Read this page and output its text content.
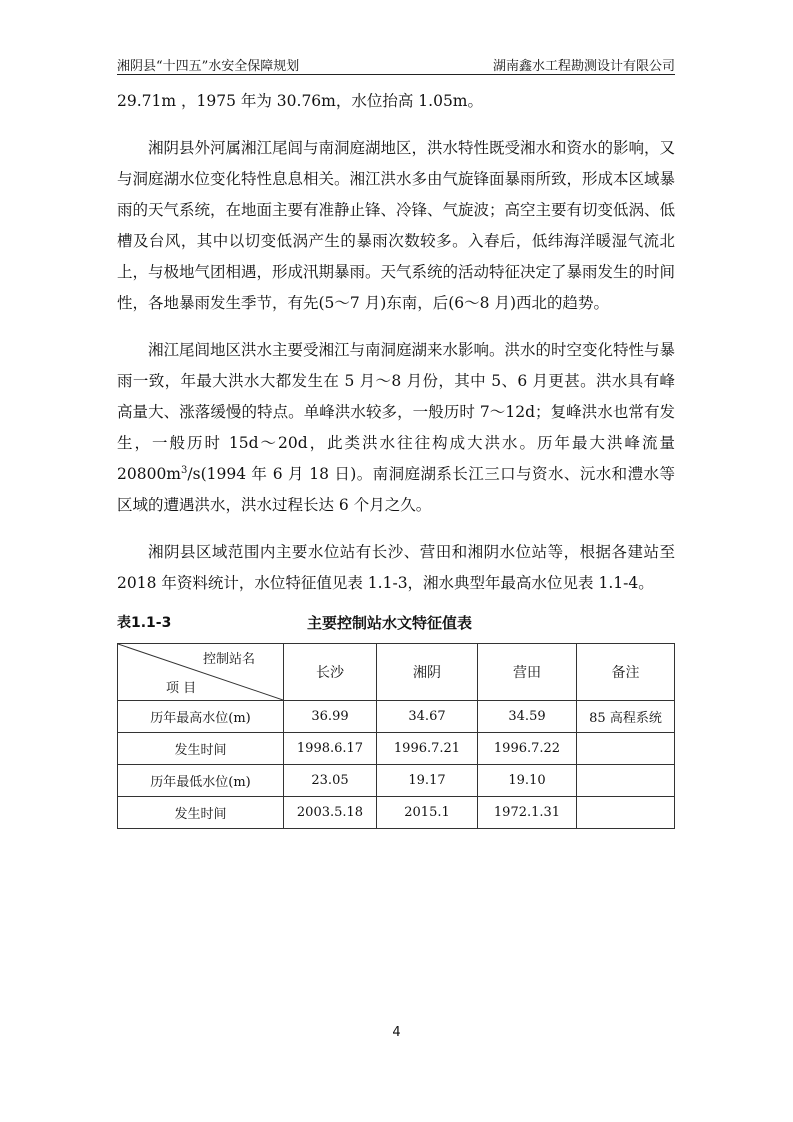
湘阴县“十四五”水安全保障规划	湖南鑫水工程勘测设计有限公司

29.71m ，1975 年为 30.76m，水位抬高 1.05m。

湘阴县外河属湘江尾闾与南洞庭湖地区，洪水特性既受湘水和资水的影响，又与洞庭湖水位变化特性息息相关。湘江洪水多由气旋锋面暴雨所致，形成本区域暴雨的天气系统，在地面主要有准静止锋、冷锋、气旋波；高空主要有切变低涡、低槽及台风，其中以切变低涡产生的暴雨次数较多。入春后，低纬海洋暖湿气流北上，与极地气团相遇，形成汛期暴雨。天气系统的活动特征决定了暴雨发生的时间性，各地暴雨发生季节，有先(5～7 月)东南，后(6～8 月)西北的趋势。

湘江尾闾地区洪水主要受湘江与南洞庭湖来水影响。洪水的时空变化特性与暴雨一致，年最大洪水大都发生在 5 月～8 月份，其中 5、6 月更甚。洪水具有峰高量大、涨落缓慢的特点。单峰洪水较多，一般历时 7～12d；复峰洪水也常有发生，一般历时 15d～20d，此类洪水往往构成大洪水。历年最大洪峰流量 $20800m^3/s(1994$ 年 6 月 18 日)。南洞庭湖系长江三口与资水、沅水和澧水等区域的遭遇洪水，洪水过程长达 6 个月之久。

湘阴县区域范围内主要水位站有长沙、营田和湘阴水位站等，根据各建站至 2018 年资料统计，水位特征值见表 1.1-3，湘水典型年最高水位见表 1.1-4。

表1.1-3	主要控制站水文特征值表
控制站名
项 目	长沙	湘阴	营田	备注
历年最高水位(m)	36.99	34.67	34.59	85 高程系统
发生时间	1998.6.17	1996.7.21	1996.7.22	
历年最低水位(m)	23.05	19.17	19.10	
发生时间	2003.5.18	2015.1	1972.1.31	
4
